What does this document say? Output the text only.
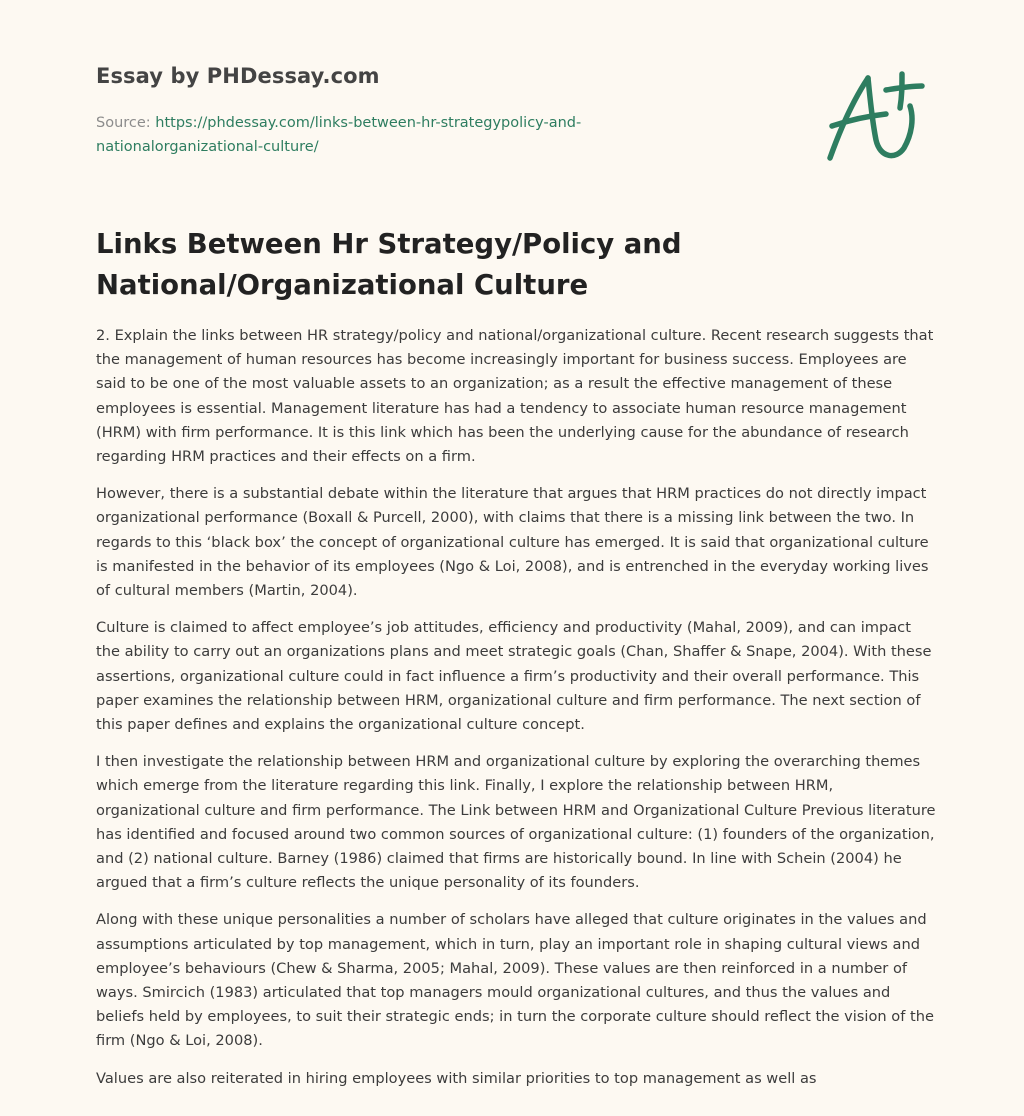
Essay by PHDessay.com

Source: https://phdessay.com/links-between-hr-strategypolicy-and-nationalorganizational-culture/

Links Between Hr Strategy/Policy and National/Organizational Culture

2. Explain the links between HR strategy/policy and national/organizational culture. Recent research suggests that the management of human resources has become increasingly important for business success. Employees are said to be one of the most valuable assets to an organization; as a result the effective management of these employees is essential. Management literature has had a tendency to associate human resource management (HRM) with firm performance. It is this link which has been the underlying cause for the abundance of research regarding HRM practices and their effects on a firm.

However, there is a substantial debate within the literature that argues that HRM practices do not directly impact organizational performance (Boxall & Purcell, 2000), with claims that there is a missing link between the two. In regards to this ‘black box’ the concept of organizational culture has emerged. It is said that organizational culture is manifested in the behavior of its employees (Ngo & Loi, 2008), and is entrenched in the everyday working lives of cultural members (Martin, 2004).

Culture is claimed to affect employee’s job attitudes, efficiency and productivity (Mahal, 2009), and can impact the ability to carry out an organizations plans and meet strategic goals (Chan, Shaffer & Snape, 2004). With these assertions, organizational culture could in fact influence a firm’s productivity and their overall performance. This paper examines the relationship between HRM, organizational culture and firm performance. The next section of this paper defines and explains the organizational culture concept.

I then investigate the relationship between HRM and organizational culture by exploring the overarching themes which emerge from the literature regarding this link. Finally, I explore the relationship between HRM, organizational culture and firm performance. The Link between HRM and Organizational Culture Previous literature has identified and focused around two common sources of organizational culture: (1) founders of the organization, and (2) national culture. Barney (1986) claimed that firms are historically bound. In line with Schein (2004) he argued that a firm’s culture reflects the unique personality of its founders.

Along with these unique personalities a number of scholars have alleged that culture originates in the values and assumptions articulated by top management, which in turn, play an important role in shaping cultural views and employee’s behaviours (Chew & Sharma, 2005; Mahal, 2009). These values are then reinforced in a number of ways. Smircich (1983) articulated that top managers mould organizational cultures, and thus the values and beliefs held by employees, to suit their strategic ends; in turn the corporate culture should reflect the vision of the firm (Ngo & Loi, 2008).

Values are also reiterated in hiring employees with similar priorities to top management as well as
